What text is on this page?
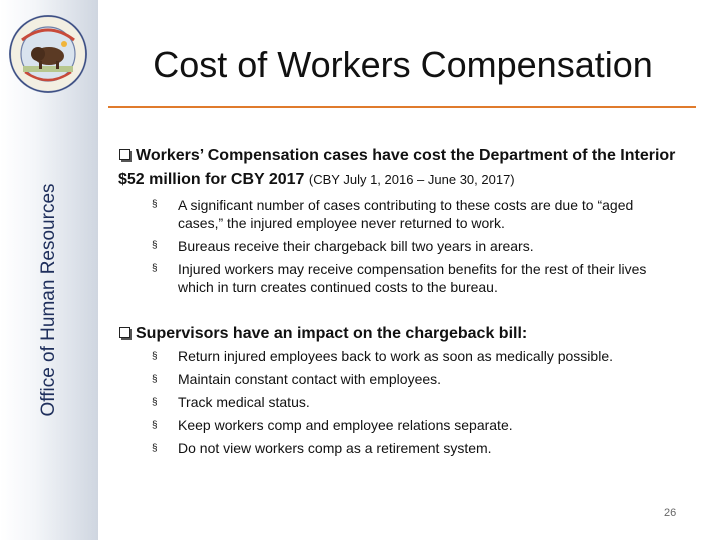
Office of Human Resources
Cost of Workers Compensation
Workers’ Compensation cases have cost the Department of the Interior $52 million for CBY 2017 (CBY July 1, 2016 – June 30, 2017)
§ A significant number of cases contributing to these costs are due to “aged cases,” the injured employee never returned to work.
§ Bureaus receive their chargeback bill two years in arears.
§ Injured workers may receive compensation benefits for the rest of their lives which in turn creates continued costs to the bureau.
Supervisors have an impact on the chargeback bill:
§ Return injured employees back to work as soon as medically possible.
§ Maintain constant contact with employees.
§ Track medical status.
§ Keep workers comp and employee relations separate.
§ Do not view workers comp as a retirement system.
26
